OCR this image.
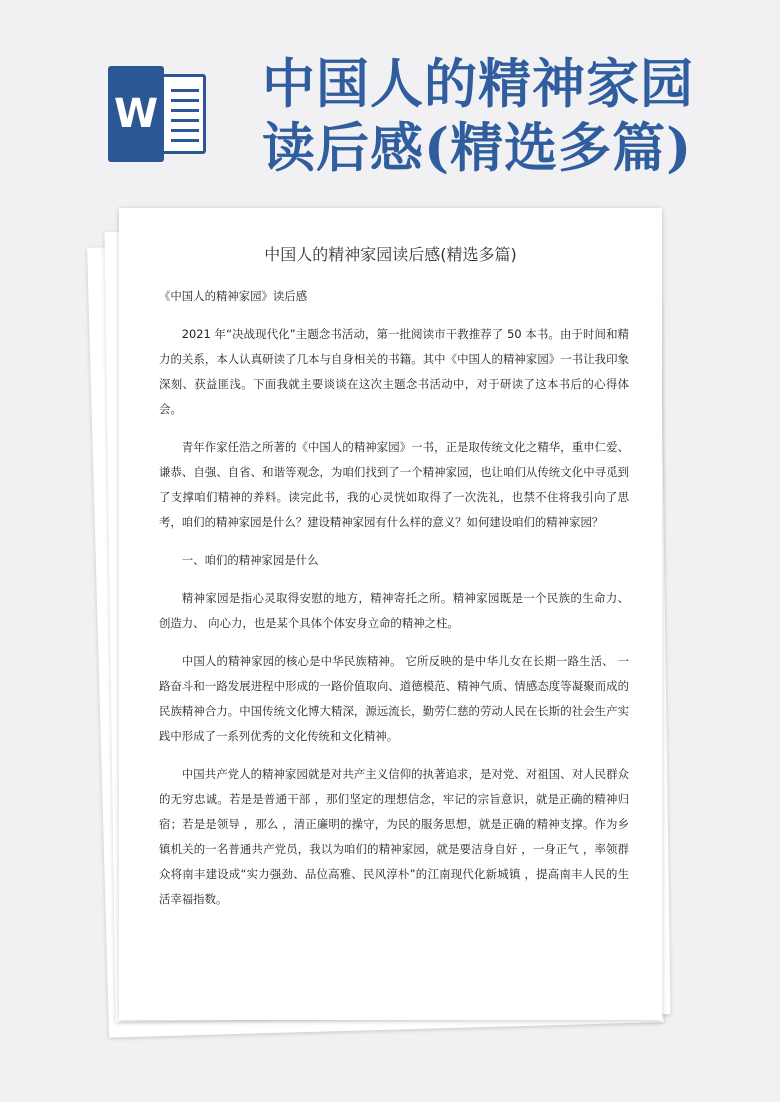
W 中国人的精神家园
读后感(精选多篇)
中国人的精神家园读后感(精选多篇)

《中国人的精神家园》读后感

2021 年“决战现代化”主题念书活动，第一批阅读市干教推荐了 50 本书。由于时间和精力的关系，本人认真研读了几本与自身相关的书籍。其中《中国人的精神家园》一书让我印象深刻、获益匪浅。下面我就主要谈谈在这次主题念书活动中，对于研读了这本书后的心得体会。

青年作家任浩之所著的《中国人的精神家园》一书，正是取传统文化之精华，重申仁爱、谦恭、自强、自省、和谐等观念，为咱们找到了一个精神家园，也让咱们从传统文化中寻觅到了支撑咱们精神的养料。读完此书，我的心灵恍如取得了一次洗礼，也禁不住将我引向了思考，咱们的精神家园是什么？建设精神家园有什么样的意义？如何建设咱们的精神家园？

一、咱们的精神家园是什么

精神家园是指心灵取得安慰的地方，精神寄托之所。精神家园既是一个民族的生命力、 创造力、 向心力，也是某个具体个体安身立命的精神之柱。

中国人的精神家园的核心是中华民族精神。 它所反映的是中华儿女在长期一路生活、 一路奋斗和一路发展进程中形成的一路价值取向、道德模范、精神气质、情感态度等凝聚而成的民族精神合力。中国传统文化博大精深，源远流长，勤劳仁慈的劳动人民在长斯的社会生产实践中形成了一系列优秀的文化传统和文化精神。

中国共产党人的精神家园就是对共产主义信仰的执著追求，是对党、对祖国、对人民群众的无穷忠诚。若是是普通干部 ，那们坚定的理想信念，牢记的宗旨意识，就是正确的精神归宿；若是是领导 ，那么 ，清正廉明的操守，为民的服务思想，就是正确的精神支撑。作为乡镇机关的一名普通共产党员，我以为咱们的精神家园，就是要洁身自好 ，一身正气 ，率领群众将南丰建设成“实力强劲、品位高雅、民风淳朴”的江南现代化新城镇 ，提高南丰人民的生活幸福指数。
